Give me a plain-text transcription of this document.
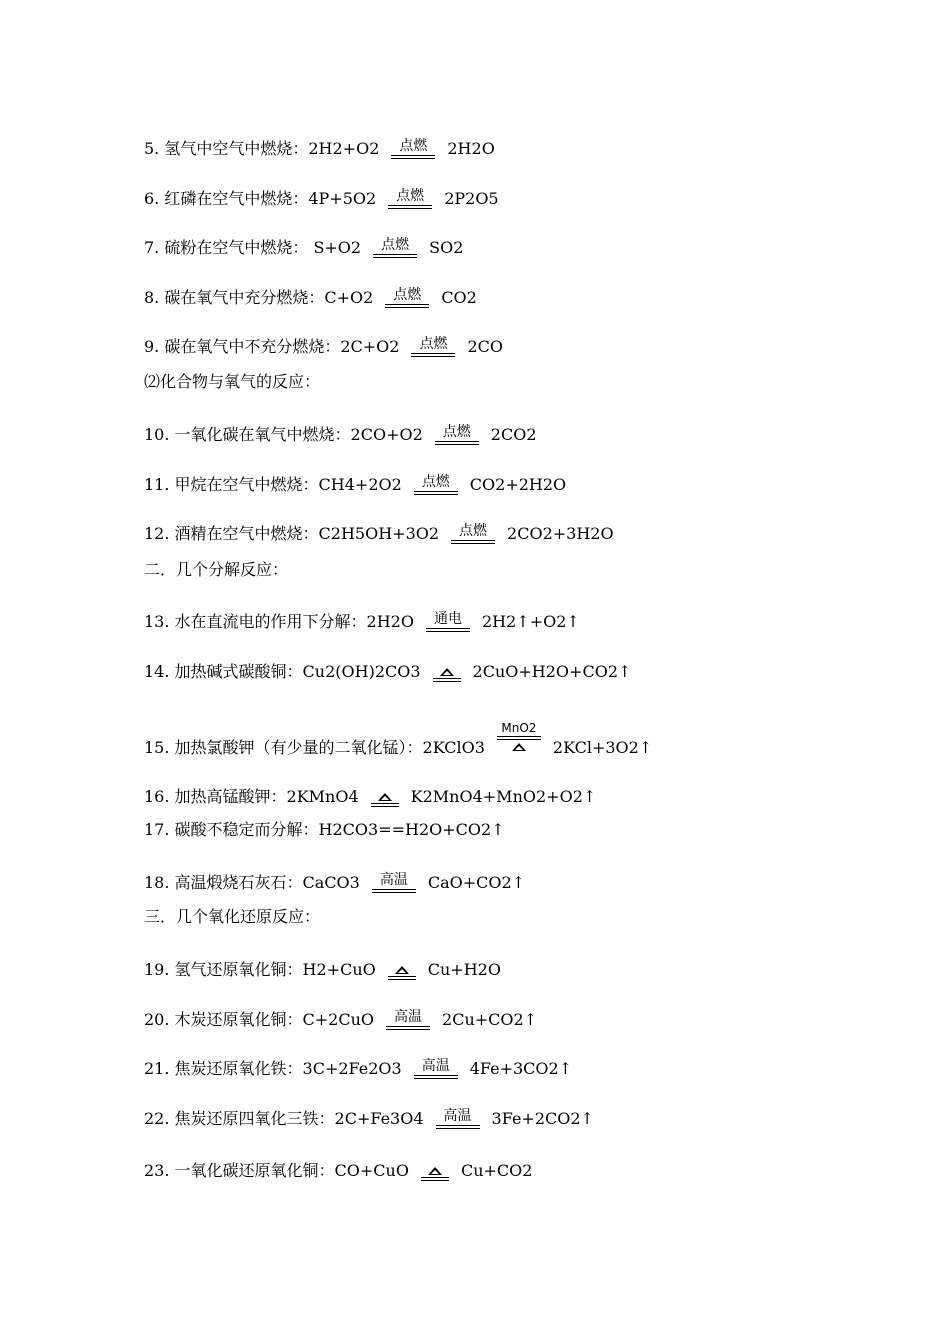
5. 氢气中空气中燃烧：2H2+O2 点燃 2H2O
6. 红磷在空气中燃烧：4P+5O2 点燃 2P2O5
7. 硫粉在空气中燃烧： S+O2 点燃 SO2
8. 碳在氧气中充分燃烧：C+O2 点燃 CO2
9. 碳在氧气中不充分燃烧：2C+O2 点燃 2CO
⑵化合物与氧气的反应：
10. 一氧化碳在氧气中燃烧：2CO+O2 点燃 2CO2
11. 甲烷在空气中燃烧：CH4+2O2 点燃 CO2+2H2O
12. 酒精在空气中燃烧：C2H5OH+3O2 点燃 2CO2+3H2O
二．几个分解反应：
13. 水在直流电的作用下分解：2H2O 通电 2H2↑+O2↑
14. 加热碱式碳酸铜：Cu2(OH)2CO3	2CuO+H2O+CO2↑
15. 加热氯酸钾（有少量的二氧化锰）：2KClO3
MnO2
2KCl+3O2↑
16. 加热高锰酸钾：2KMnO4	K2MnO4+MnO2+O2↑
17. 碳酸不稳定而分解：H2CO3==H2O+CO2↑
18. 高温煅烧石灰石：CaCO3 高温 CaO+CO2↑
三．几个氧化还原反应：
19. 氢气还原氧化铜：H2+CuO	Cu+H2O
20. 木炭还原氧化铜：C+2CuO 高温 2Cu+CO2↑
21. 焦炭还原氧化铁：3C+2Fe2O3 高温 4Fe+3CO2↑
22. 焦炭还原四氧化三铁：2C+Fe3O4 高温 3Fe+2CO2↑
23. 一氧化碳还原氧化铜：CO+CuO	Cu+CO2
